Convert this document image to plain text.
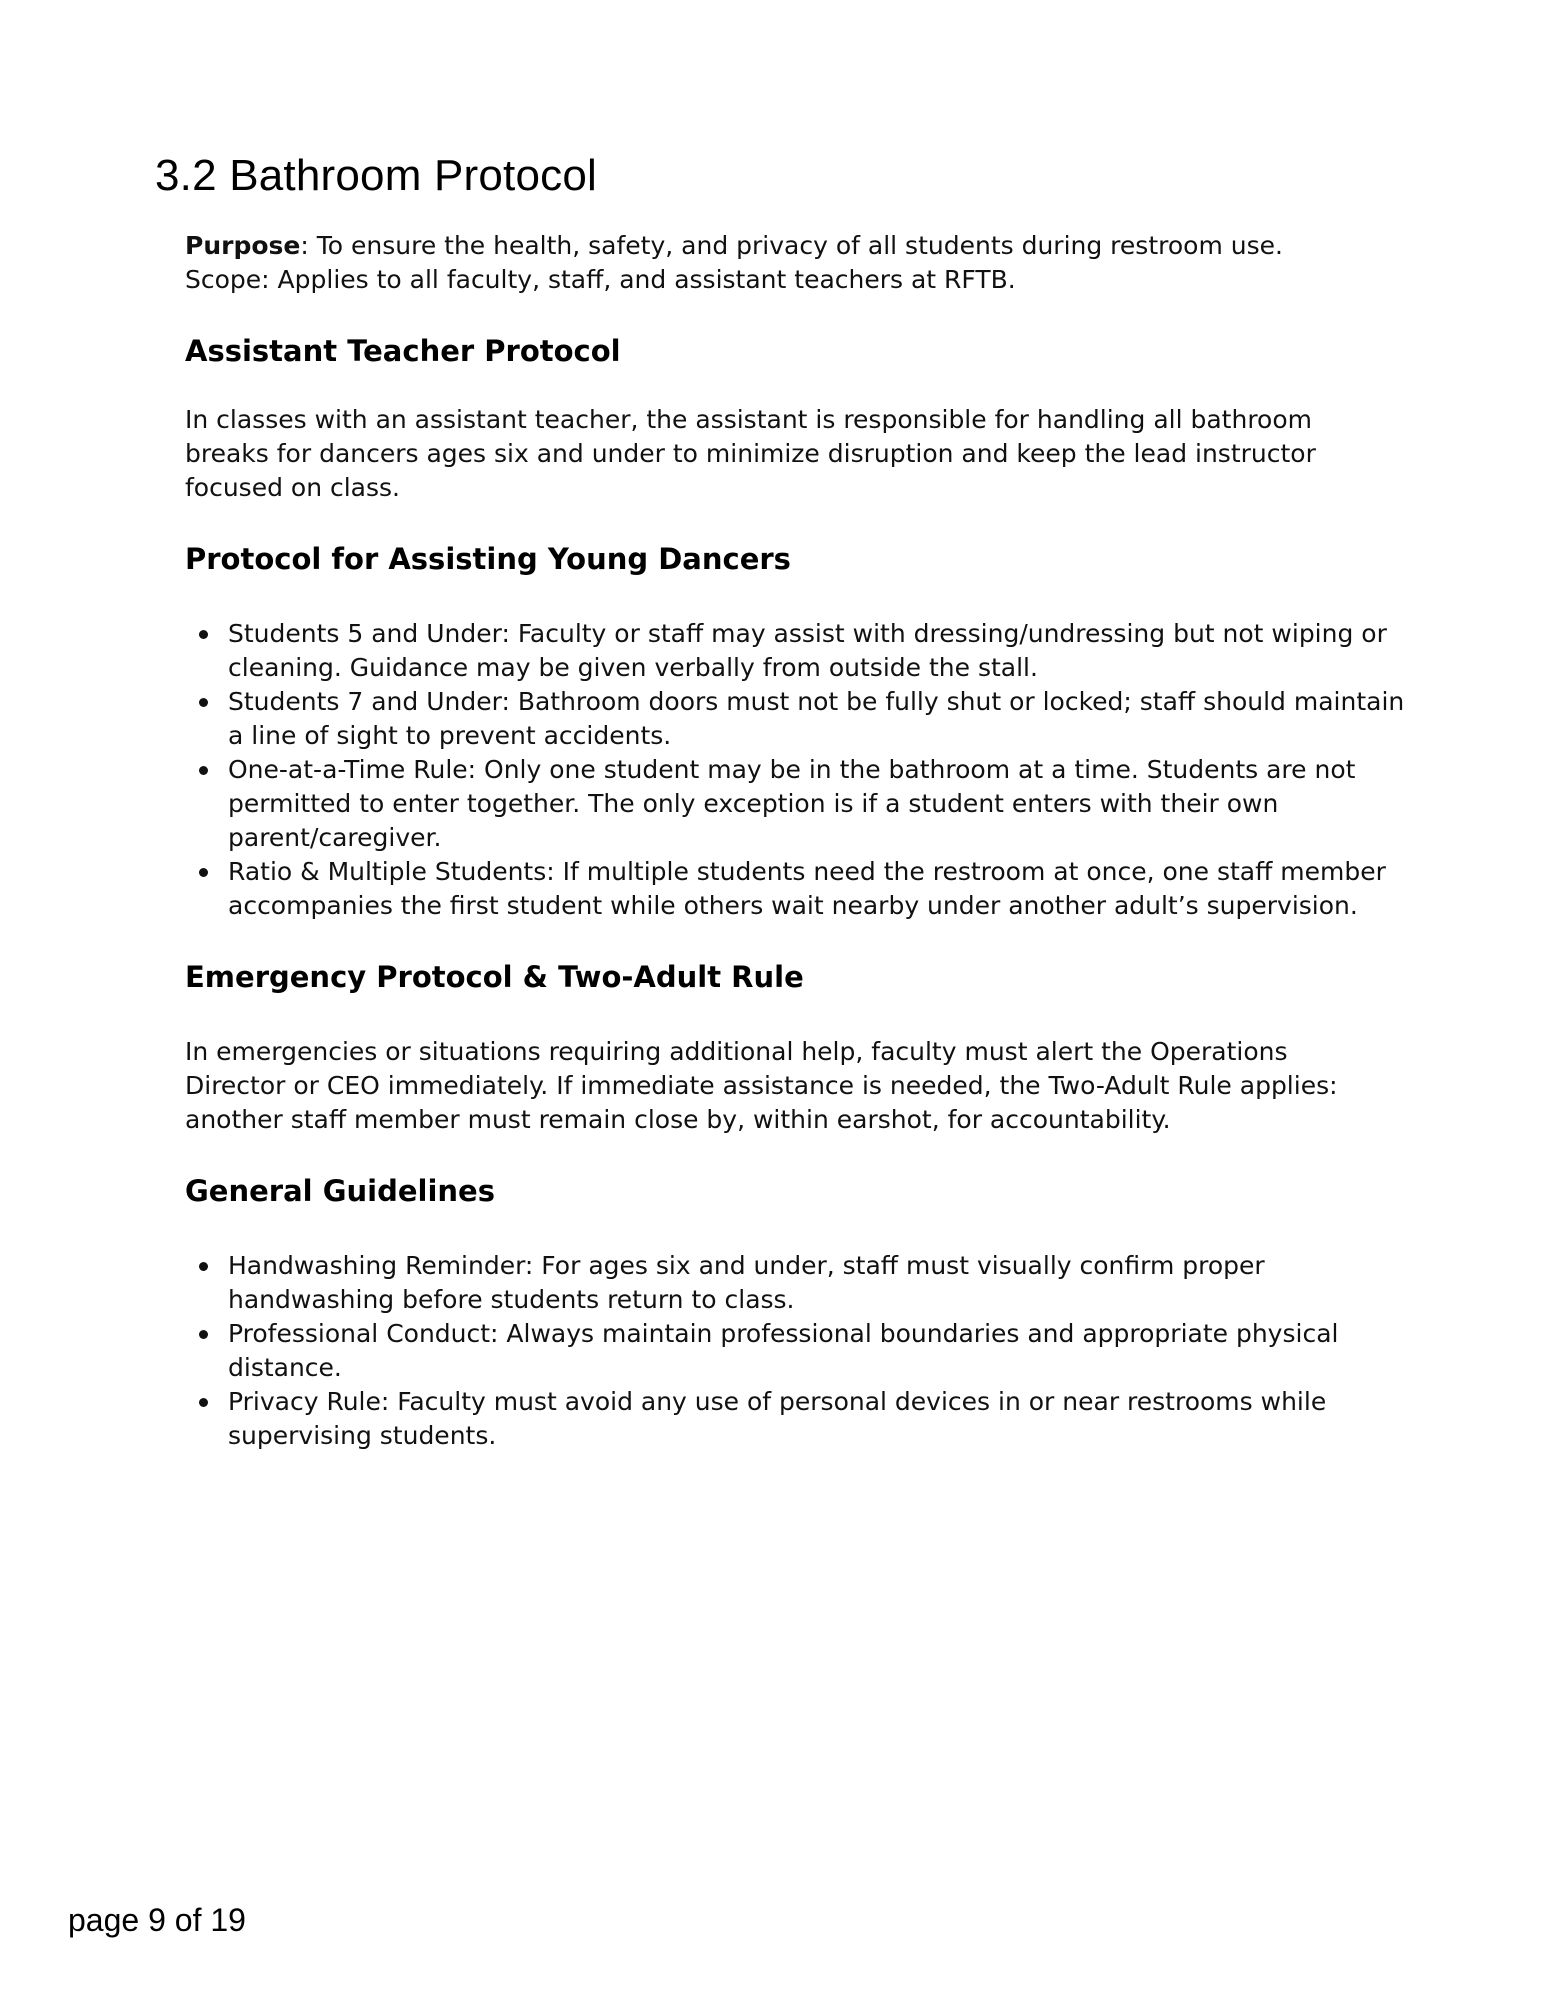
3.2 Bathroom Protocol

Purpose: To ensure the health, safety, and privacy of all students during restroom use.

Scope: Applies to all faculty, staff, and assistant teachers at RFTB.

Assistant Teacher Protocol

In classes with an assistant teacher, the assistant is responsible for handling all bathroom breaks for dancers ages six and under to minimize disruption and keep the lead instructor focused on class.

Protocol for Assisting Young Dancers
Students 5 and Under: Faculty or staff may assist with dressing/undressing but not wiping or cleaning. Guidance may be given verbally from outside the stall.
Students 7 and Under: Bathroom doors must not be fully shut or locked; staff should maintain a line of sight to prevent accidents.
One-at-a-Time Rule: Only one student may be in the bathroom at a time. Students are not permitted to enter together. The only exception is if a student enters with their own parent/caregiver.
Ratio & Multiple Students: If multiple students need the restroom at once, one staff member accompanies the first student while others wait nearby under another adult’s supervision.
Emergency Protocol & Two-Adult Rule

In emergencies or situations requiring additional help, faculty must alert the Operations Director or CEO immediately. If immediate assistance is needed, the Two-Adult Rule applies: another staff member must remain close by, within earshot, for accountability.

General Guidelines
Handwashing Reminder: For ages six and under, staff must visually confirm proper handwashing before students return to class.
Professional Conduct: Always maintain professional boundaries and appropriate physical distance.
Privacy Rule: Faculty must avoid any use of personal devices in or near restrooms while supervising students.

page 9 of 19
